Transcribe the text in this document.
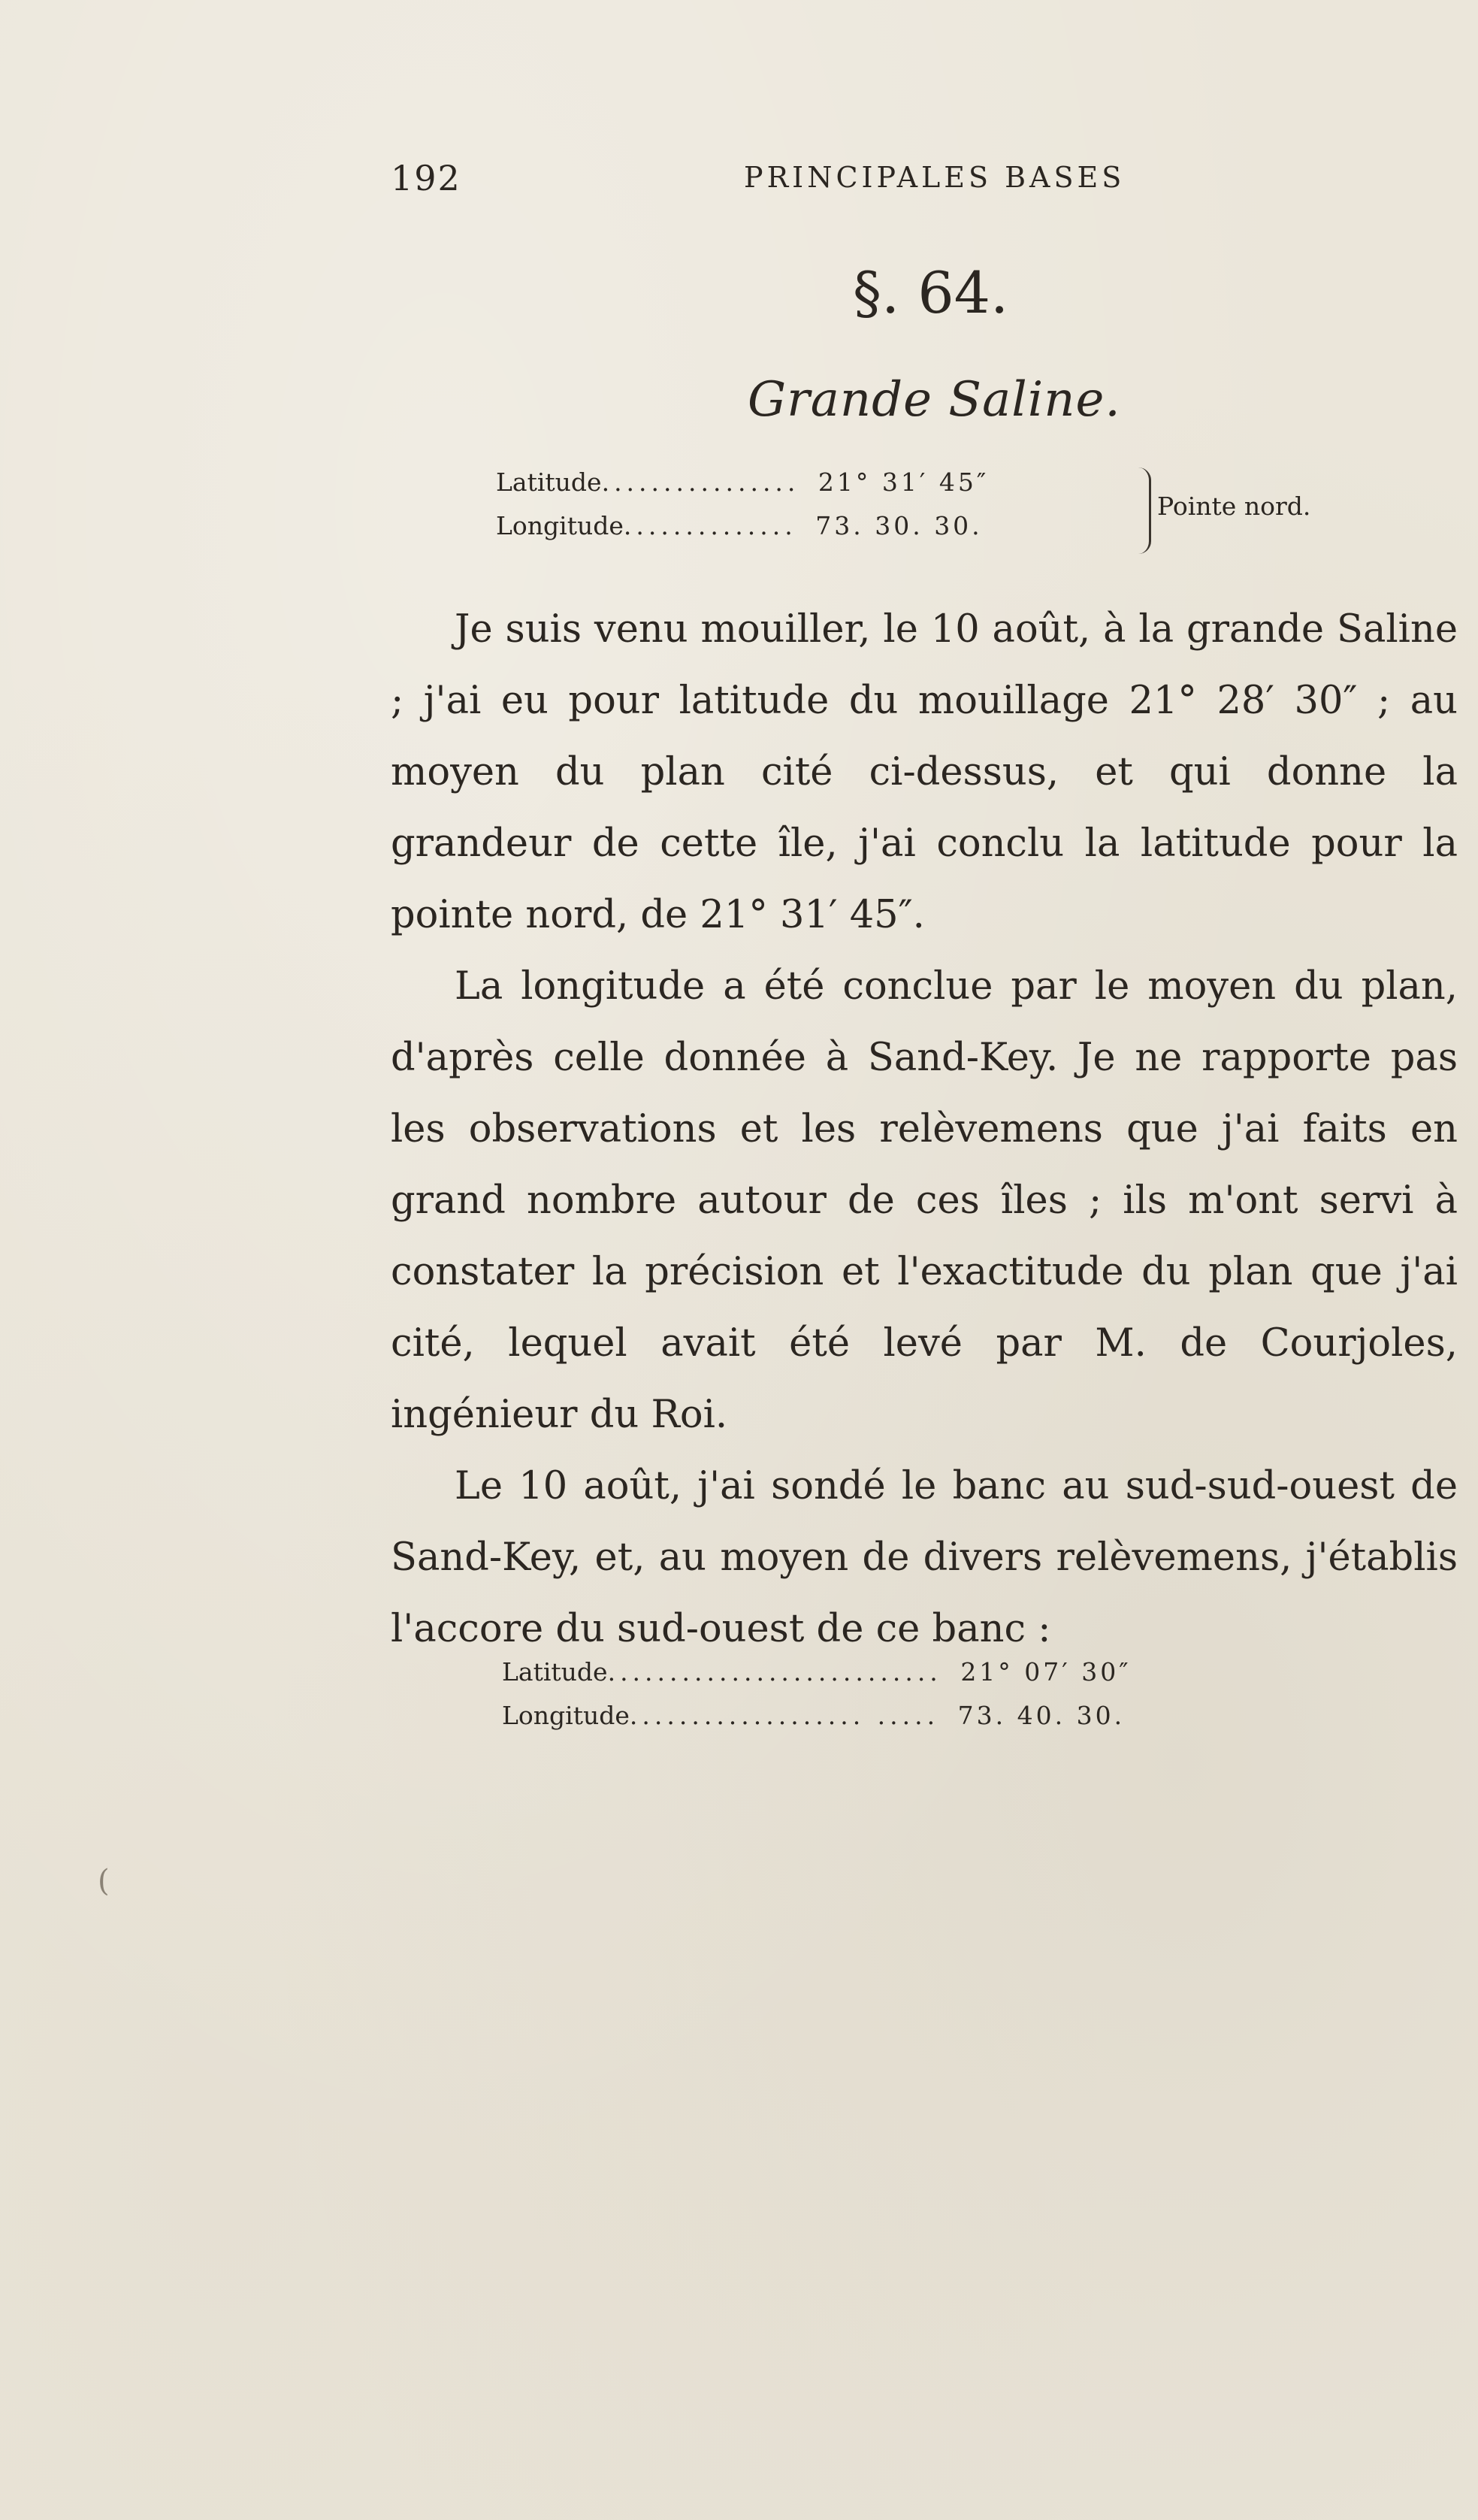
192	PRINCIPALES BASES
§. 64.
Grande Saline.
Latitude................ 21° 31′ 45″
Longitude.............. 73. 30. 30.
Pointe nord.

Je suis venu mouiller, le 10 août, à la grande Saline ; j'ai eu pour latitude du mouillage 21° 28′ 30″ ; au moyen du plan cité ci-dessus, et qui donne la grandeur de cette île, j'ai conclu la latitude pour la pointe nord, de 21° 31′ 45″.

La longitude a été conclue par le moyen du plan, d'après celle donnée à Sand-Key. Je ne rapporte pas les observations et les relèvemens que j'ai faits en grand nombre autour de ces îles ; ils m'ont servi à constater la précision et l'exactitude du plan que j'ai cité, lequel avait été levé par M. de Courjoles, ingénieur du Roi.

Le 10 août, j'ai sondé le banc au sud-sud-ouest de Sand-Key, et, au moyen de divers relèvemens, j'établis l'accore du sud-ouest de ce banc :

Latitude........................... 21° 07′ 30″
Longitude................... ..... 73. 40. 30.
(
